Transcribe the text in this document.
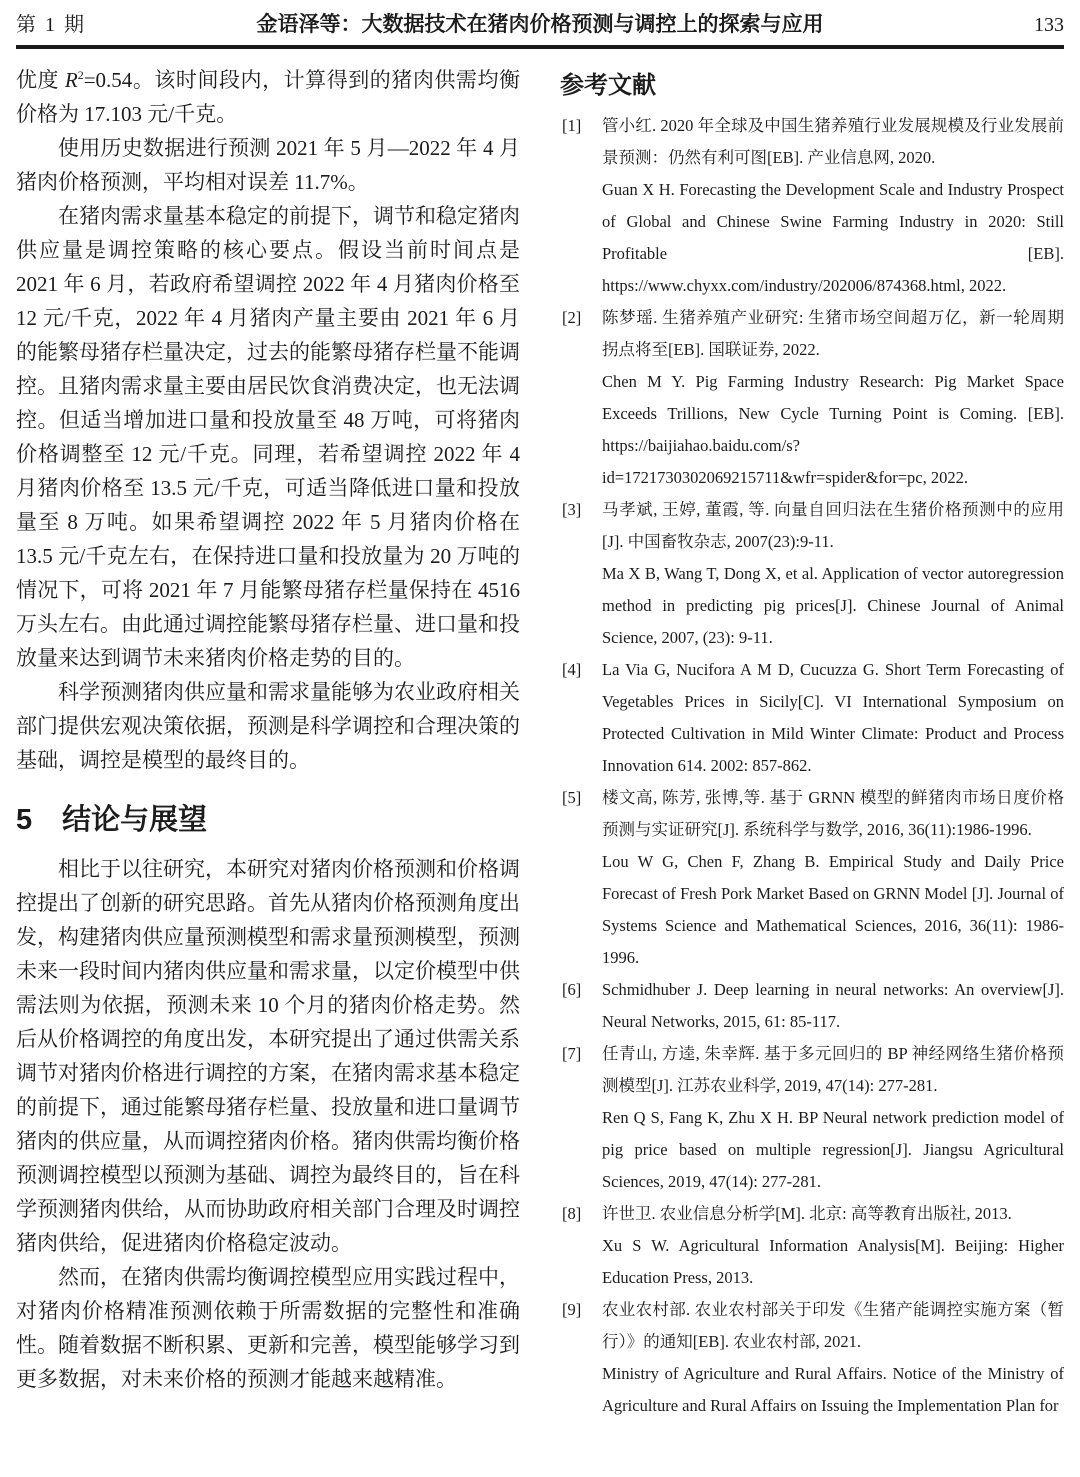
第 1 期	金语泽等：大数据技术在猪肉价格预测与调控上的探索与应用	133

优度 $R^2=0.54$。该时间段内，计算得到的猪肉供需均衡价格为 17.103 元/千克。

使用历史数据进行预测 2021 年 5 月—2022 年 4 月猪肉价格预测，平均相对误差 11.7%。

在猪肉需求量基本稳定的前提下，调节和稳定猪肉供应量是调控策略的核心要点。假设当前时间点是 2021 年 6 月，若政府希望调控 2022 年 4 月猪肉价格至 12 元/千克，2022 年 4 月猪肉产量主要由 2021 年 6 月的能繁母猪存栏量决定，过去的能繁母猪存栏量不能调控。且猪肉需求量主要由居民饮食消费决定，也无法调控。但适当增加进口量和投放量至 48 万吨，可将猪肉价格调整至 12 元/千克。同理，若希望调控 2022 年 4 月猪肉价格至 13.5 元/千克，可适当降低进口量和投放量至 8 万吨。如果希望调控 2022 年 5 月猪肉价格在 13.5 元/千克左右，在保持进口量和投放量为 20 万吨的情况下，可将 2021 年 7 月能繁母猪存栏量保持在 4516 万头左右。由此通过调控能繁母猪存栏量、进口量和投放量来达到调节未来猪肉价格走势的目的。

科学预测猪肉供应量和需求量能够为农业政府相关部门提供宏观决策依据，预测是科学调控和合理决策的基础，调控是模型的最终目的。

5 结论与展望

相比于以往研究，本研究对猪肉价格预测和价格调控提出了创新的研究思路。首先从猪肉价格预测角度出发，构建猪肉供应量预测模型和需求量预测模型，预测未来一段时间内猪肉供应量和需求量，以定价模型中供需法则为依据，预测未来 10 个月的猪肉价格走势。然后从价格调控的角度出发，本研究提出了通过供需关系调节对猪肉价格进行调控的方案，在猪肉需求基本稳定的前提下，通过能繁母猪存栏量、投放量和进口量调节猪肉的供应量，从而调控猪肉价格。猪肉供需均衡价格预测调控模型以预测为基础、调控为最终目的，旨在科学预测猪肉供给，从而协助政府相关部门合理及时调控猪肉供给，促进猪肉价格稳定波动。

然而，在猪肉供需均衡调控模型应用实践过程中，对猪肉价格精准预测依赖于所需数据的完整性和准确性。随着数据不断积累、更新和完善，模型能够学习到更多数据，对未来价格的预测才能越来越精准。

参考文献
[1] 管小红. 2020 年全球及中国生猪养殖行业发展规模及行业发展前景预测：仍然有利可图[EB]. 产业信息网, 2020.
Guan X H. Forecasting the Development Scale and Industry Prospect of Global and Chinese Swine Farming Industry in 2020: Still Profitable [EB]. https://www.chyxx.com/industry/202006/874368.html, 2022.
[2] 陈梦瑶. 生猪养殖产业研究: 生猪市场空间超万亿，新一轮周期拐点将至[EB]. 国联证券, 2022.
Chen M Y. Pig Farming Industry Research: Pig Market Space Exceeds Trillions, New Cycle Turning Point is Coming. [EB]. https://baijiahao.baidu.com/s?id=1721730302069215711&wfr=spider&for=pc, 2022.
[3] 马孝斌, 王婷, 董霞, 等. 向量自回归法在生猪价格预测中的应用[J]. 中国畜牧杂志, 2007(23):9-11.
Ma X B, Wang T, Dong X, et al. Application of vector autoregression method in predicting pig prices[J]. Chinese Journal of Animal Science, 2007, (23): 9-11.
[4] La Via G, Nucifora A M D, Cucuzza G. Short Term Forecasting of Vegetables Prices in Sicily[C]. VI International Symposium on Protected Cultivation in Mild Winter Climate: Product and Process Innovation 614. 2002: 857-862.
[5] 楼文高, 陈芳, 张博,等. 基于 GRNN 模型的鲜猪肉市场日度价格预测与实证研究[J]. 系统科学与数学, 2016, 36(11):1986-1996.
Lou W G, Chen F, Zhang B. Empirical Study and Daily Price Forecast of Fresh Pork Market Based on GRNN Model [J]. Journal of Systems Science and Mathematical Sciences, 2016, 36(11): 1986-1996.
[6] Schmidhuber J. Deep learning in neural networks: An overview[J]. Neural Networks, 2015, 61: 85-117.
[7] 任青山, 方逵, 朱幸辉. 基于多元回归的 BP 神经网络生猪价格预测模型[J]. 江苏农业科学, 2019, 47(14): 277-281.
Ren Q S, Fang K, Zhu X H. BP Neural network prediction model of pig price based on multiple regression[J]. Jiangsu Agricultural Sciences, 2019, 47(14): 277-281.
[8] 许世卫. 农业信息分析学[M]. 北京: 高等教育出版社, 2013.
Xu S W. Agricultural Information Analysis[M]. Beijing: Higher Education Press, 2013.
[9] 农业农村部. 农业农村部关于印发《生猪产能调控实施方案（暂行）》的通知[EB]. 农业农村部, 2021.
Ministry of Agriculture and Rural Affairs. Notice of the Ministry of Agriculture and Rural Affairs on Issuing the Implementation Plan for
